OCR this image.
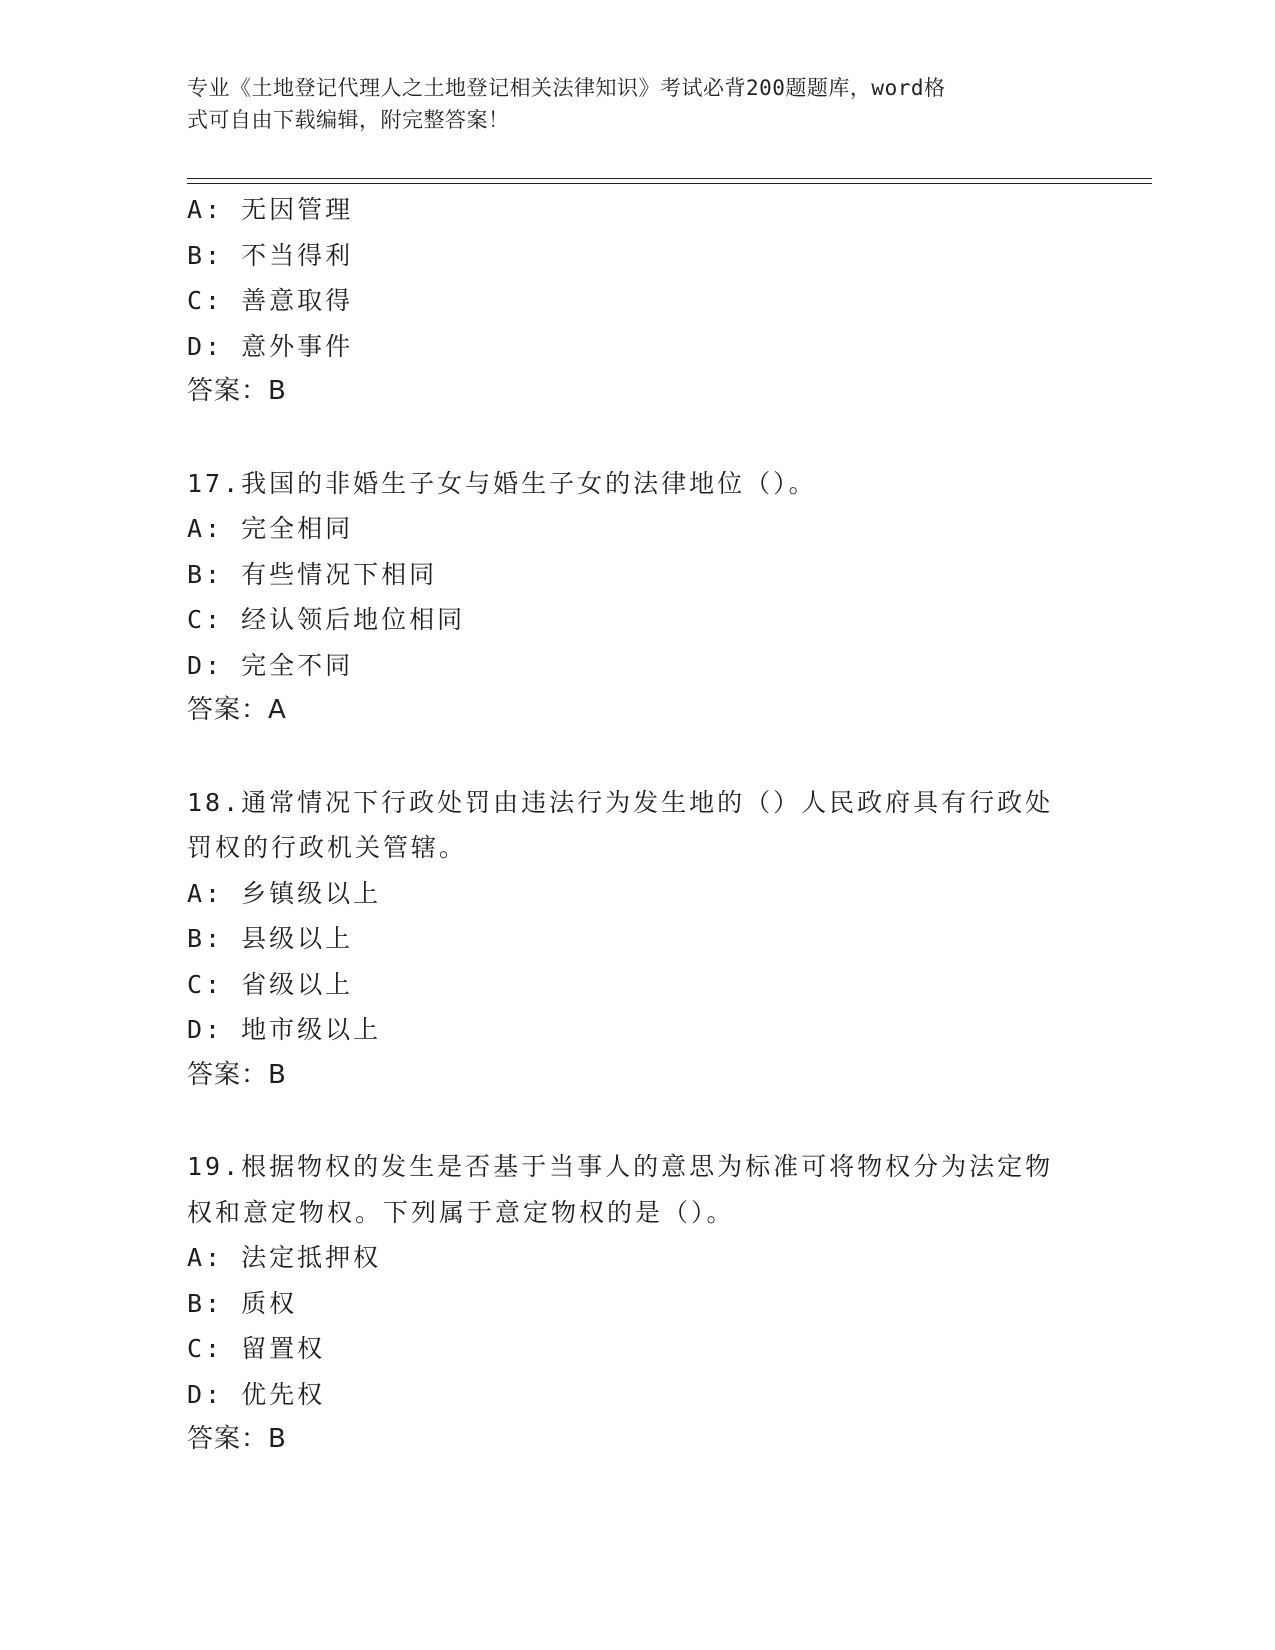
专业《土地登记代理人之土地登记相关法律知识》考试必背200题题库，word格
式可自由下载编辑，附完整答案！
A: 无因管理
B: 不当得利
C: 善意取得
D: 意外事件
答案：B
17.我国的非婚生子女与婚生子女的法律地位（）。
A: 完全相同
B: 有些情况下相同
C: 经认领后地位相同
D: 完全不同
答案：A
18.通常情况下行政处罚由违法行为发生地的（）人民政府具有行政处
罚权的行政机关管辖。
A: 乡镇级以上
B: 县级以上
C: 省级以上
D: 地市级以上
答案：B
19.根据物权的发生是否基于当事人的意思为标准可将物权分为法定物
权和意定物权。下列属于意定物权的是（）。
A: 法定抵押权
B: 质权
C: 留置权
D: 优先权
答案：B
